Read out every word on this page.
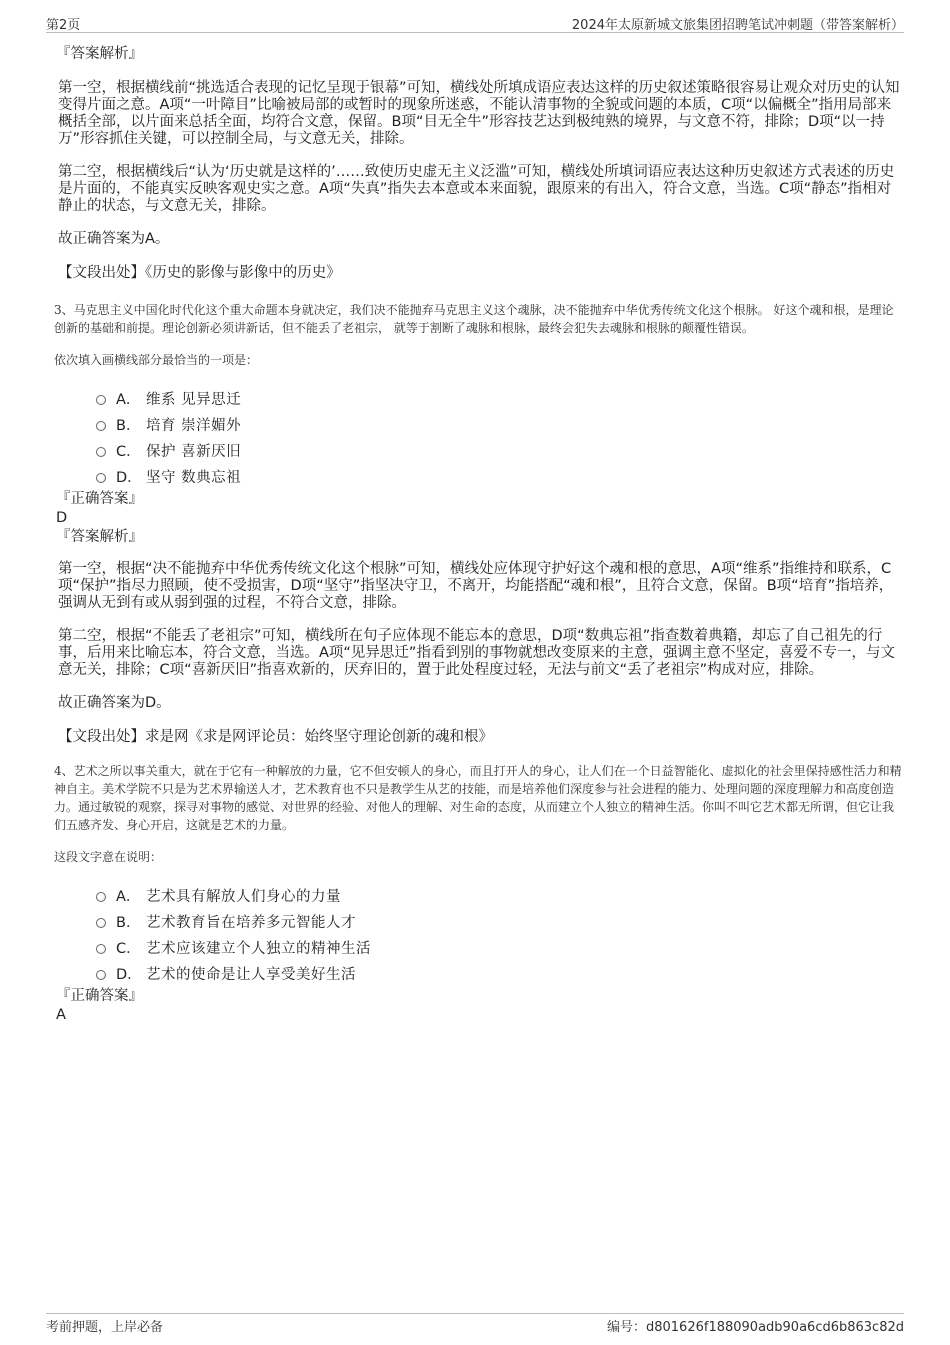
第2页	2024年太原新城文旅集团招聘笔试冲刺题（带答案解析）

『答案解析』

第一空，根据横线前“挑选适合表现的记忆呈现于银幕”可知，横线处所填成语应表达这样的历史叙述策略很容易让观众对历史的认知变得片面之意。A项“一叶障目”比喻被局部的或暂时的现象所迷惑，不能认清事物的全貌或问题的本质，C项“以偏概全”指用局部来概括全部，以片面来总括全面，均符合文意，保留。B项“目无全牛”形容技艺达到极纯熟的境界，与文意不符，排除；D项“以一持万”形容抓住关键，可以控制全局，与文意无关，排除。

第二空，根据横线后“认为‘历史就是这样的’……致使历史虚无主义泛滥”可知，横线处所填词语应表达这种历史叙述方式表述的历史是片面的，不能真实反映客观史实之意。A项“失真”指失去本意或本来面貌，跟原来的有出入，符合文意，当选。C项“静态”指相对静止的状态，与文意无关，排除。

故正确答案为A。

【文段出处】《历史的影像与影像中的历史》

3、马克思主义中国化时代化这个重大命题本身就决定，我们决不能抛弃马克思主义这个魂脉，决不能抛弃中华优秀传统文化这个根脉。 好这个魂和根，是理论创新的基础和前提。理论创新必须讲新话，但不能丢了老祖宗， 就等于割断了魂脉和根脉，最终会犯失去魂脉和根脉的颠覆性错误。

依次填入画横线部分最恰当的一项是：

A． 维系 见异思迁
B． 培育 崇洋媚外
C． 保护 喜新厌旧
D． 坚守 数典忘祖

『正确答案』

D

『答案解析』

第一空，根据“决不能抛弃中华优秀传统文化这个根脉”可知，横线处应体现守护好这个魂和根的意思，A项“维系”指维持和联系，C项“保护”指尽力照顾，使不受损害，D项“坚守”指坚决守卫，不离开，均能搭配“魂和根”，且符合文意，保留。B项“培育”指培养，强调从无到有或从弱到强的过程，不符合文意，排除。

第二空，根据“不能丢了老祖宗”可知，横线所在句子应体现不能忘本的意思，D项“数典忘祖”指查数着典籍，却忘了自己祖先的行事，后用来比喻忘本，符合文意，当选。A项“见异思迁”指看到别的事物就想改变原来的主意，强调主意不坚定，喜爱不专一，与文意无关，排除；C项“喜新厌旧”指喜欢新的，厌弃旧的，置于此处程度过轻，无法与前文“丢了老祖宗”构成对应，排除。

故正确答案为D。

【文段出处】求是网《求是网评论员：始终坚守理论创新的魂和根》

4、艺术之所以事关重大，就在于它有一种解放的力量，它不但安顿人的身心，而且打开人的身心，让人们在一个日益智能化、虚拟化的社会里保持感性活力和精神自主。美术学院不只是为艺术界输送人才，艺术教育也不只是教学生从艺的技能，而是培养他们深度参与社会进程的能力、处理问题的深度理解力和高度创造力。通过敏锐的观察，探寻对事物的感觉、对世界的经验、对他人的理解、对生命的态度，从而建立个人独立的精神生活。你叫不叫它艺术都无所谓，但它让我们五感齐发、身心开启，这就是艺术的力量。

这段文字意在说明：

A． 艺术具有解放人们身心的力量
B． 艺术教育旨在培养多元智能人才
C． 艺术应该建立个人独立的精神生活
D． 艺术的使命是让人享受美好生活

『正确答案』

A

考前押题，上岸必备	编号：d801626f188090adb90a6cd6b863c82d
